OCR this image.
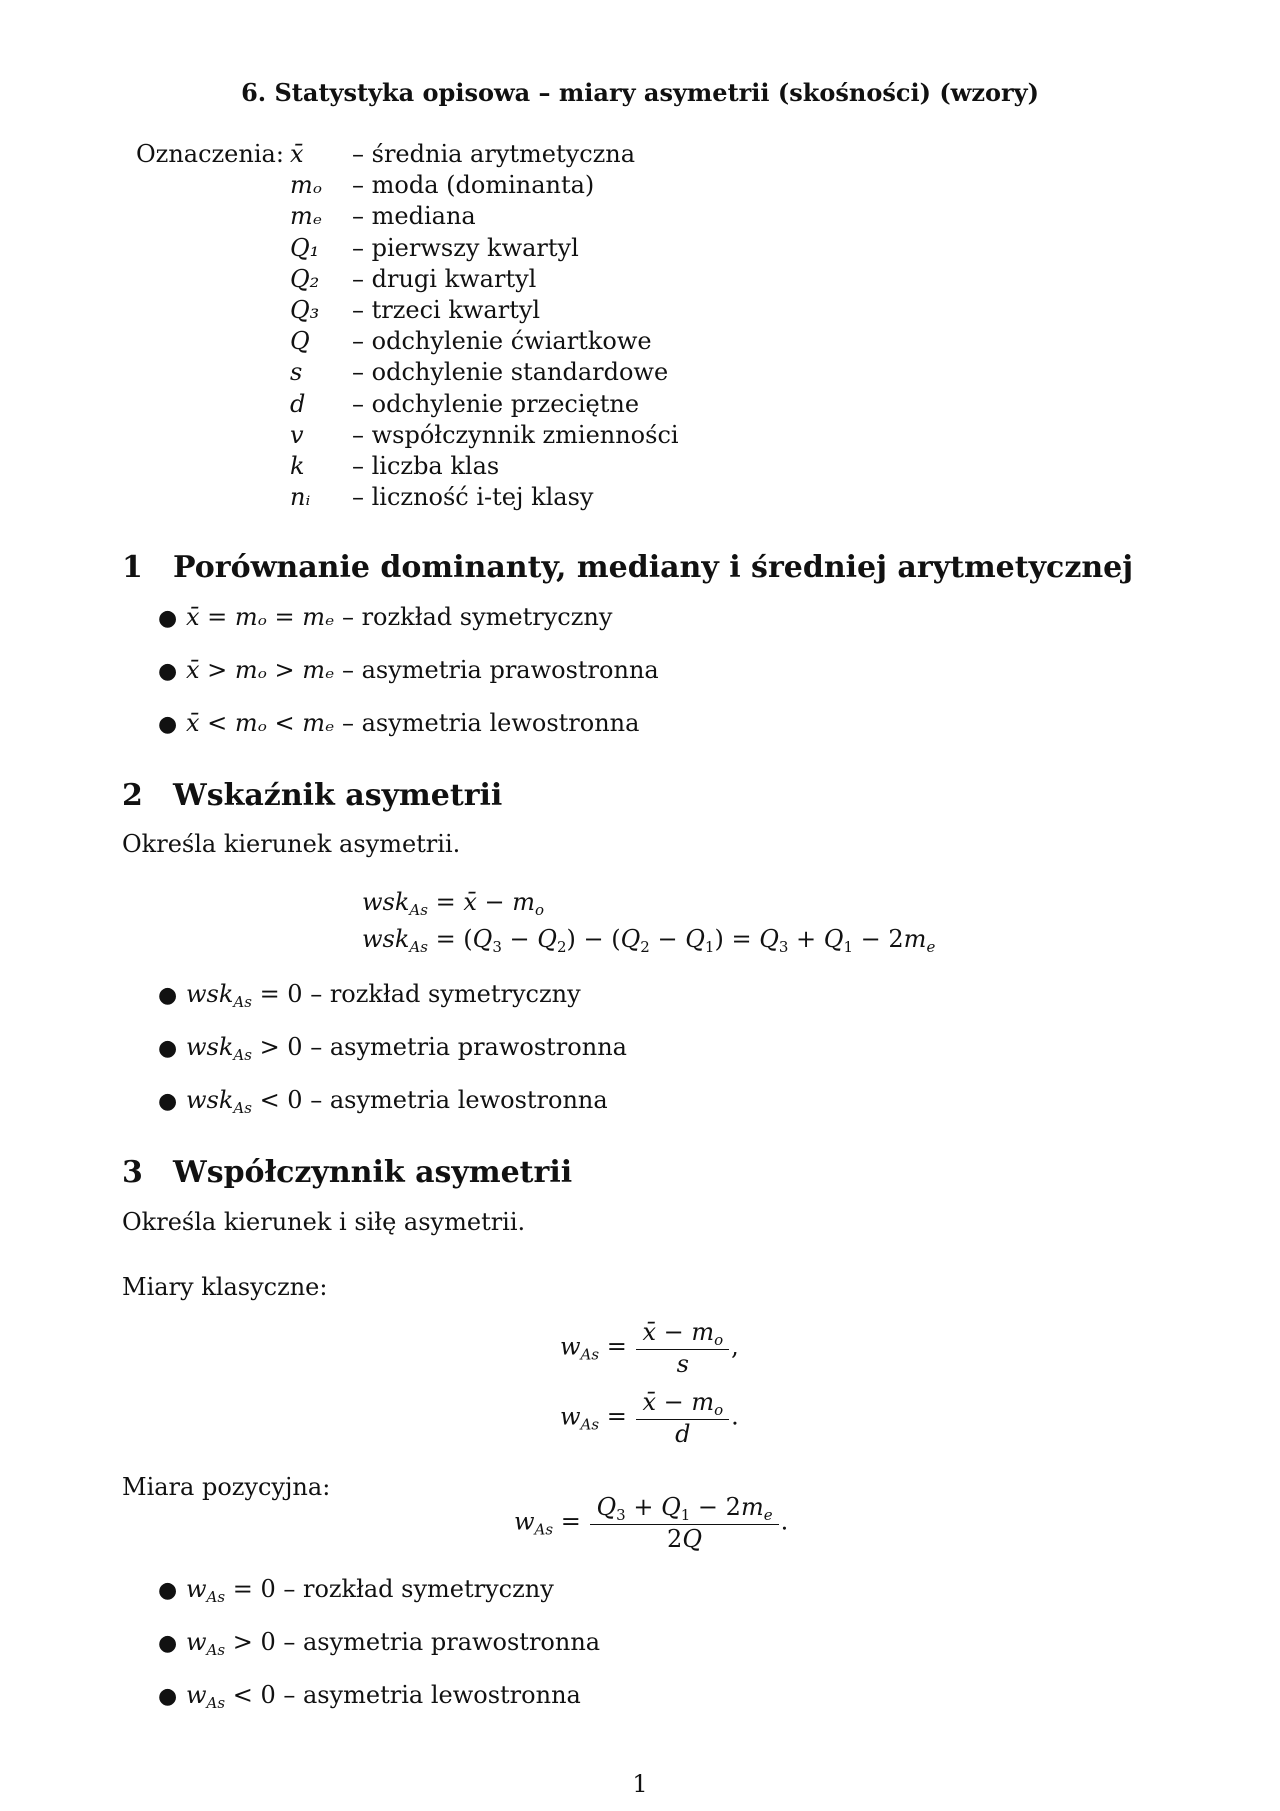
6. Statystyka opisowa – miary asymetrii (skośności) (wzory)
Oznaczenia: x̄	– średnia arytmetyczna
mₒ	– moda (dominanta)
mₑ	– mediana
Q₁	– pierwszy kwartyl
Q₂	– drugi kwartyl
Q₃	– trzeci kwartyl
Q	– odchylenie ćwiartkowe
s	– odchylenie standardowe
d	– odchylenie przeciętne
v	– współczynnik zmienności
k	– liczba klas
nᵢ	– liczność i-tej klasy
1 Porównanie dominanty, mediany i średniej arytmetycznej
● x̄ = mₒ = mₑ – rozkład symetryczny
● x̄ > mₒ > mₑ – asymetria prawostronna
● x̄ < mₒ < mₑ – asymetria lewostronna
2 Wskaźnik asymetrii
Określa kierunek asymetrii.
wsk$_{As}$ = x̄ − $m_o$
$wsk_{As} = (Q_3 - Q_2) - (Q_2 - Q_1) = Q_3 + Q_1 - 2m_e$
● wsk$_{As}$ = 0 – rozkład symetryczny
● wsk$_{As}$ > 0 – asymetria prawostronna
● wsk$_{As}$ < 0 – asymetria lewostronna
3 Współczynnik asymetrii
Określa kierunek i siłę asymetrii.
Miary klasyczne:
$w_{As} = \frac{x̄ - m_o}{s}$ ,
$w_{As} = \frac{x̄ - m_o}{d}$ .
Miara pozycyjna:
$w_{As} = \frac{Q_3 + Q_1 - 2m_e}{2Q}$ .
● $w_{As} = 0$ – rozkład symetryczny
● $w_{As} > 0$ – asymetria prawostronna
● $w_{As} < 0$ – asymetria lewostronna
1
